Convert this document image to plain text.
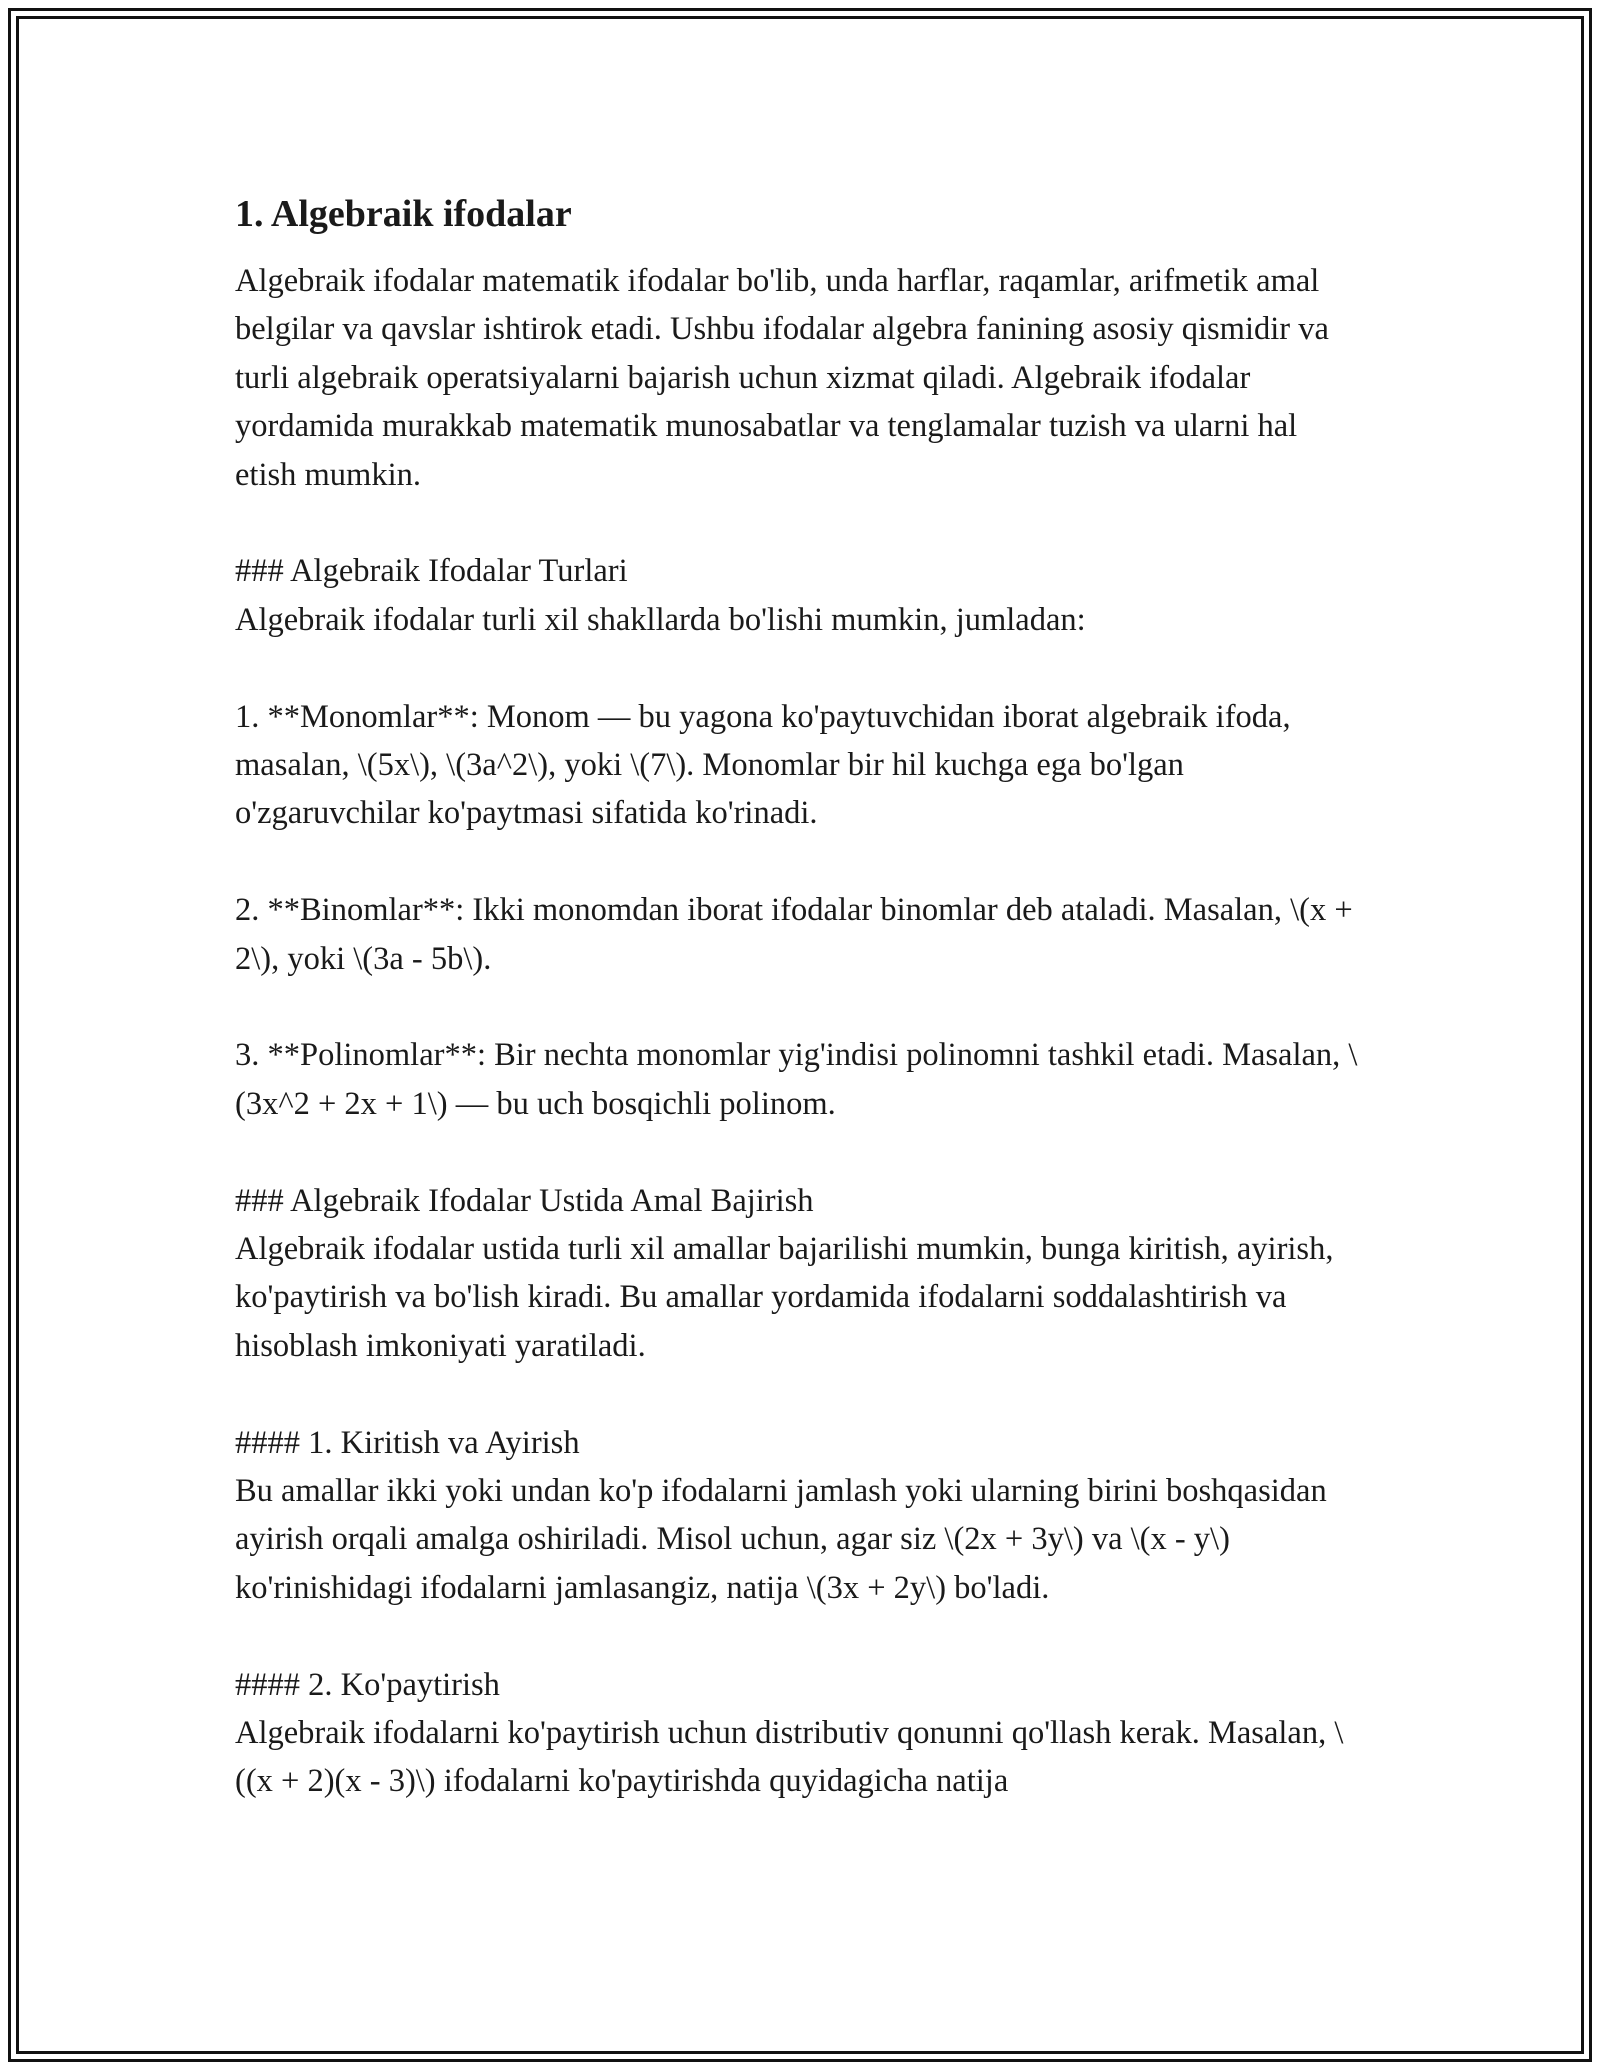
1. Algebraik ifodalar

Algebraik ifodalar matematik ifodalar bo'lib, unda harflar, raqamlar, arifmetik amal belgilar va qavslar ishtirok etadi. Ushbu ifodalar algebra fanining asosiy qismidir va turli algebraik operatsiyalarni bajarish uchun xizmat qiladi. Algebraik ifodalar yordamida murakkab matematik munosabatlar va tenglamalar tuzish va ularni hal etish mumkin.

### Algebraik Ifodalar Turlari

Algebraik ifodalar turli xil shakllarda bo'lishi mumkin, jumladan:

1. **Monomlar**: Monom — bu yagona ko'paytuvchidan iborat algebraik ifoda, masalan, \(5x\), \(3a^2\), yoki \(7\). Monomlar bir hil kuchga ega bo'lgan o'zgaruvchilar ko'paytmasi sifatida ko'rinadi.

2. **Binomlar**: Ikki monomdan iborat ifodalar binomlar deb ataladi. Masalan, \(x + 2\), yoki \(3a - 5b\).

3. **Polinomlar**: Bir nechta monomlar yig'indisi polinomni tashkil etadi. Masalan, \(3x^2 + 2x + 1\) — bu uch bosqichli polinom.

### Algebraik Ifodalar Ustida Amal Bajirish

Algebraik ifodalar ustida turli xil amallar bajarilishi mumkin, bunga kiritish, ayirish, ko'paytirish va bo'lish kiradi. Bu amallar yordamida ifodalarni soddalashtirish va hisoblash imkoniyati yaratiladi.

#### 1. Kiritish va Ayirish

Bu amallar ikki yoki undan ko'p ifodalarni jamlash yoki ularning birini boshqasidan ayirish orqali amalga oshiriladi. Misol uchun, agar siz \(2x + 3y\) va \(x - y\) ko'rinishidagi ifodalarni jamlasangiz, natija \(3x + 2y\) bo'ladi.

#### 2. Ko'paytirish

Algebraik ifodalarni ko'paytirish uchun distributiv qonunni qo'llash kerak. Masalan, \((x + 2)(x - 3)\) ifodalarni ko'paytirishda quyidagicha natija
